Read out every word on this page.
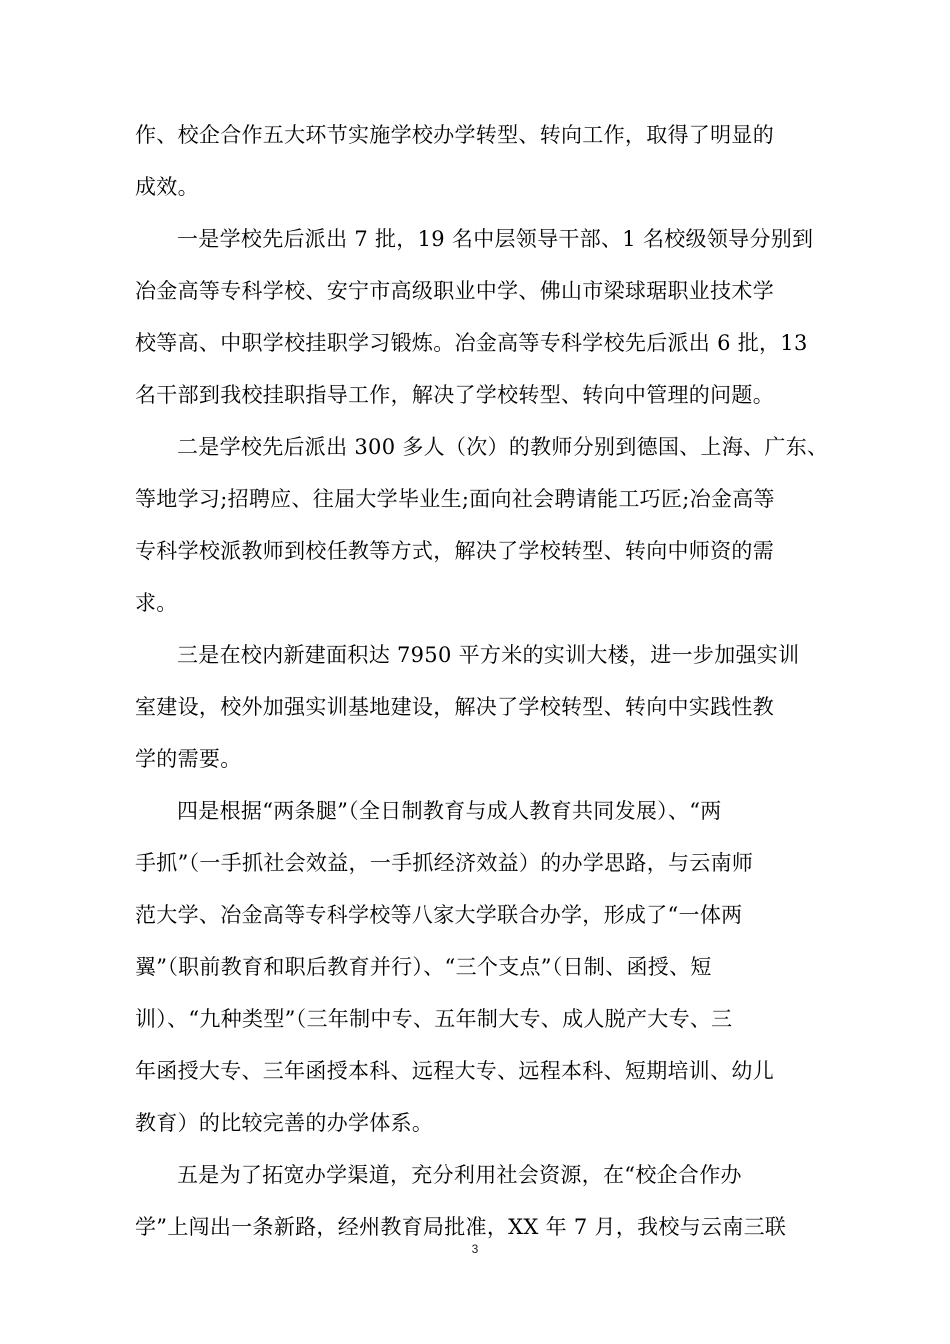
作、校企合作五大环节实施学校办学转型、转向工作，取得了明显的
成效。
一是学校先后派出 7 批，19 名中层领导干部、1 名校级领导分别到
冶金高等专科学校、安宁市高级职业中学、佛山市梁球琚职业技术学
校等高、中职学校挂职学习锻炼。冶金高等专科学校先后派出 6 批，13
名干部到我校挂职指导工作，解决了学校转型、转向中管理的问题。
二是学校先后派出 300 多人（次）的教师分别到德国、上海、广东、
等地学习;招聘应、往届大学毕业生;面向社会聘请能工巧匠;冶金高等
专科学校派教师到校任教等方式，解决了学校转型、转向中师资的需
求。
三是在校内新建面积达 7950 平方米的实训大楼，进一步加强实训
室建设，校外加强实训基地建设，解决了学校转型、转向中实践性教
学的需要。
四是根据“两条腿”（全日制教育与成人教育共同发展）、“两
手抓”（一手抓社会效益，一手抓经济效益）的办学思路，与云南师
范大学、冶金高等专科学校等八家大学联合办学，形成了“一体两
翼”（职前教育和职后教育并行）、“三个支点”（日制、函授、短
训）、“九种类型”（三年制中专、五年制大专、成人脱产大专、三
年函授大专、三年函授本科、远程大专、远程本科、短期培训、幼儿
教育）的比较完善的办学体系。
五是为了拓宽办学渠道，充分利用社会资源，在“校企合作办
学”上闯出一条新路，经州教育局批准，XX 年 7 月，我校与云南三联
3
